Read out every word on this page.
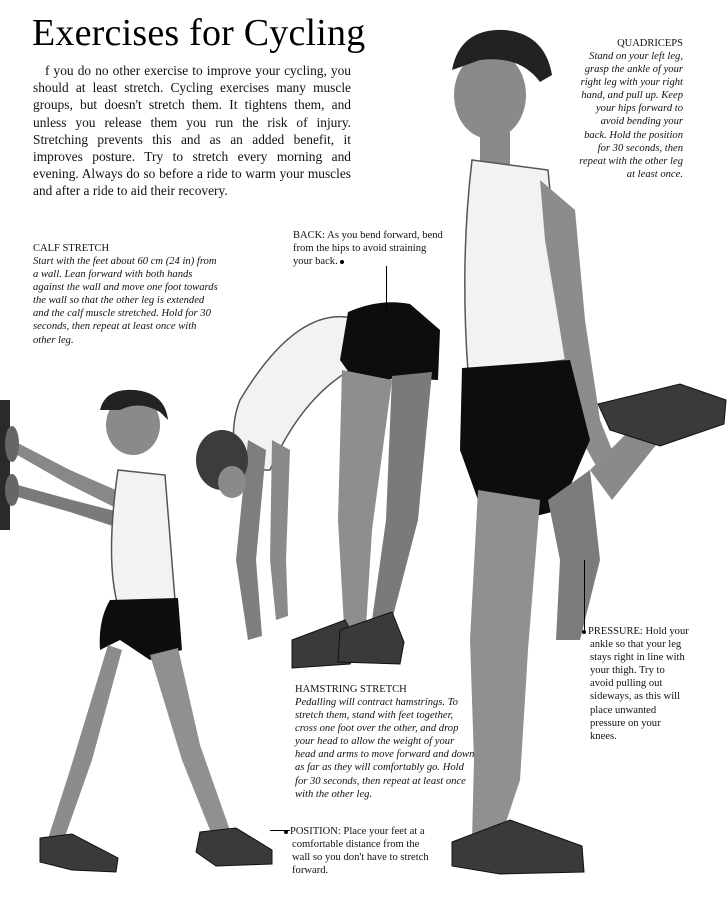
Exercises for Cycling
f you do no other exercise to improve your cycling, you should at least stretch. Cycling exercises many muscle groups, but doesn't stretch them. It tightens them, and unless you release them you run the risk of injury. Stretching prevents this and as an added benefit, it improves posture. Try to stretch every morning and evening. Always do so before a ride to warm your muscles and after a ride to aid their recovery.
CALF STRETCH
Start with the feet about 60 cm (24 in) from a wall. Lean forward with both hands against the wall and move one foot towards the wall so that the other leg is extended and the calf muscle stretched. Hold for 30 seconds, then repeat at least once with other leg.
BACK: As you bend forward, bend from the hips to avoid straining your back.
QUADRICEPS
Stand on your left leg, grasp the ankle of your right leg with your right hand, and pull up. Keep your hips forward to avoid bending your back. Hold the position for 30 seconds, then repeat with the other leg at least once.
HAMSTRING STRETCH
Pedalling will contract hamstrings. To stretch them, stand with feet together, cross one foot over the other, and drop your head to allow the weight of your head and arms to move forward and down as far as they will comfortably go. Hold for 30 seconds, then repeat at least once with the other leg.
PRESSURE: Hold your ankle so that your leg stays right in line with your thigh. Try to avoid pulling out sideways, as this will place unwanted pressure on your knees.
POSITION: Place your feet at a comfortable distance from the wall so you don't have to stretch forward.
